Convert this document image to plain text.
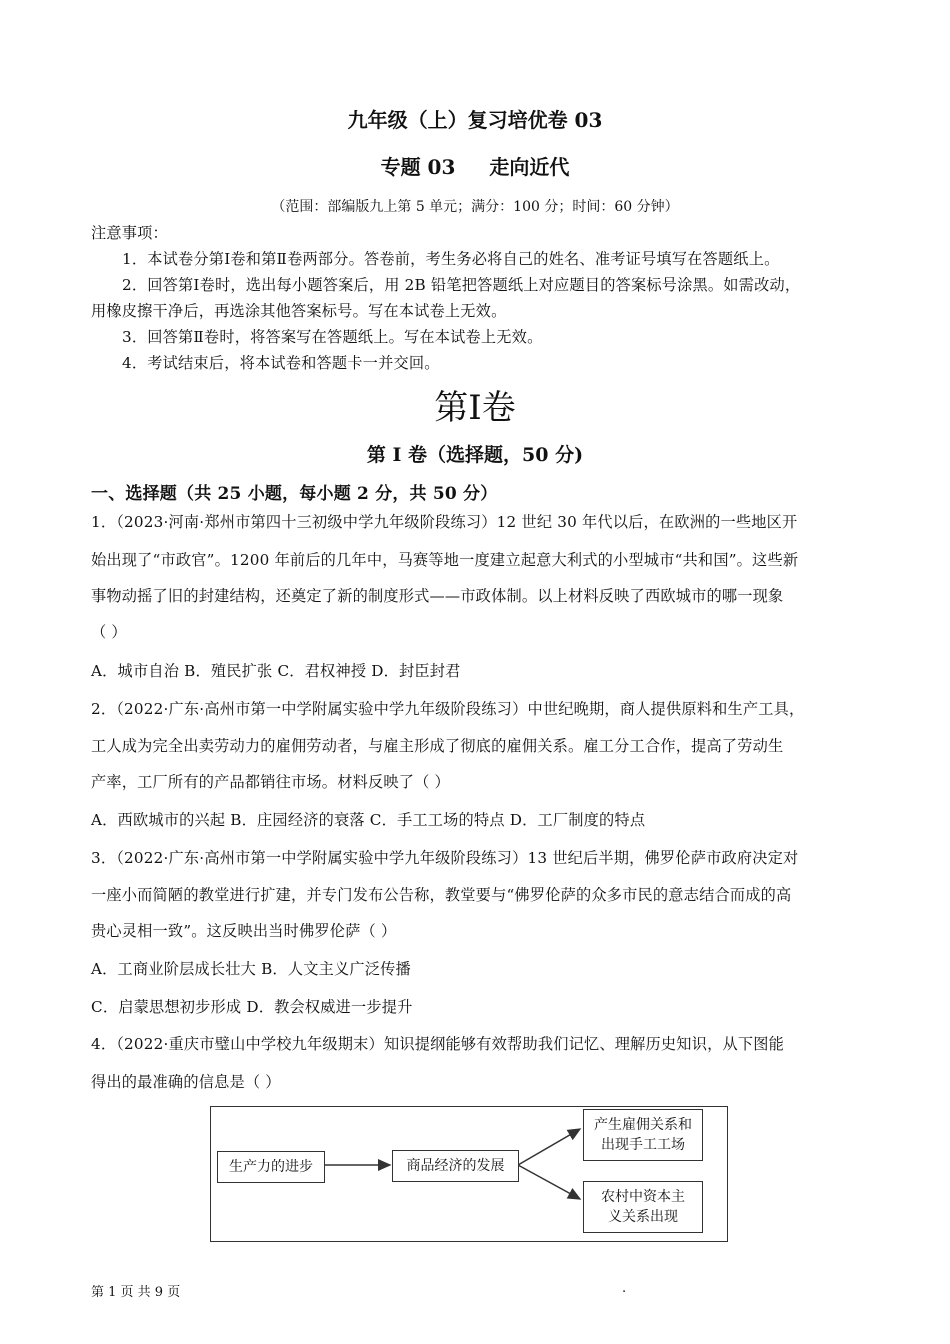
九年级（上）复习培优卷 03
专题 03 走向近代
（范围：部编版九上第 5 单元；满分：100 分；时间：60 分钟）
注意事项：
1．本试卷分第Ⅰ卷和第Ⅱ卷两部分。答卷前，考生务必将自己的姓名、准考证号填写在答题纸上。
2．回答第Ⅰ卷时，选出每小题答案后，用 2B 铅笔把答题纸上对应题目的答案标号涂黑。如需改动，
用橡皮擦干净后，再选涂其他答案标号。写在本试卷上无效。
3．回答第Ⅱ卷时，将答案写在答题纸上。写在本试卷上无效。
4．考试结束后，将本试卷和答题卡一并交回。
第Ⅰ卷
第 I 卷（选择题，50 分)
一、选择题（共 25 小题，每小题 2 分，共 50 分）
1．（2023·河南·郑州市第四十三初级中学九年级阶段练习）12 世纪 30 年代以后，在欧洲的一些地区开
始出现了“市政官”。1200 年前后的几年中，马赛等地一度建立起意大利式的小型城市“共和国”。这些新
事物动摇了旧的封建结构，还奠定了新的制度形式——市政体制。以上材料反映了西欧城市的哪一现象
（ ）
A．城市自治 B．殖民扩张 C．君权神授 D．封臣封君
2．（2022·广东·高州市第一中学附属实验中学九年级阶段练习）中世纪晚期，商人提供原料和生产工具，
工人成为完全出卖劳动力的雇佣劳动者，与雇主形成了彻底的雇佣关系。雇工分工合作，提高了劳动生
产率，工厂所有的产品都销往市场。材料反映了（ ）
A．西欧城市的兴起 B．庄园经济的衰落 C．手工工场的特点 D．工厂制度的特点
3．（2022·广东·高州市第一中学附属实验中学九年级阶段练习）13 世纪后半期，佛罗伦萨市政府决定对
一座小而简陋的教堂进行扩建，并专门发布公告称，教堂要与“佛罗伦萨的众多市民的意志结合而成的高
贵心灵相一致”。这反映出当时佛罗伦萨（ ）
A．工商业阶层成长壮大 B．人文主义广泛传播
C．启蒙思想初步形成 D．教会权威进一步提升
4．（2022·重庆市璧山中学校九年级期末）知识提纲能够有效帮助我们记忆、理解历史知识，从下图能
得出的最准确的信息是（ ）
生产力的进步	商品经济的发展
产生雇佣关系和
出现手工工场
农村中资本主
义关系出现
第 1 页 共 9 页	.
